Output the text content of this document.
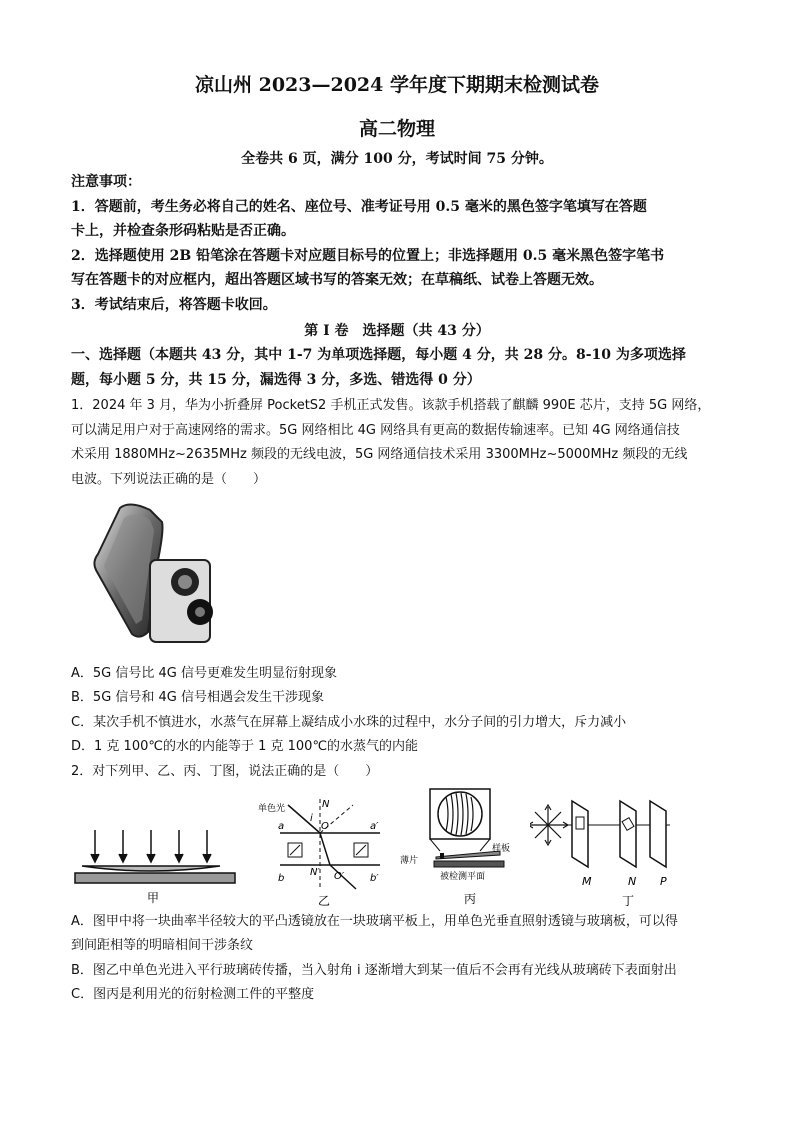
凉山州 2023—2024 学年度下期期末检测试卷
高二物理
全卷共 6 页，满分 100 分，考试时间 75 分钟。
注意事项：
1．答题前，考生务必将自己的姓名、座位号、准考证号用 0.5 毫米的黑色签字笔填写在答题
卡上，并检查条形码粘贴是否正确。
2．选择题使用 2B 铅笔涂在答题卡对应题目标号的位置上；非选择题用 0.5 毫米黑色签字笔书
写在答题卡的对应框内，超出答题区域书写的答案无效；在草稿纸、试卷上答题无效。
3．考试结束后，将答题卡收回。
第 Ⅰ 卷　选择题（共 43 分）
一、选择题（本题共 43 分，其中 1-7 为单项选择题，每小题 4 分，共 28 分。8-10 为多项选择
题，每小题 5 分，共 15 分，漏选得 3 分，多选、错选得 0 分）
1．2024 年 3 月，华为小折叠屏 PocketS2 手机正式发售。该款手机搭载了麒麟 990E 芯片，支持 5G 网络，
可以满足用户对于高速网络的需求。5G 网络相比 4G 网络具有更高的数据传输速率。已知 4G 网络通信技
术采用 1880MHz~2635MHz 频段的无线电波，5G 网络通信技术采用 3300MHz~5000MHz 频段的无线
电波。下列说法正确的是（　　）
A．5G 信号比 4G 信号更难发生明显衍射现象
B．5G 信号和 4G 信号相遇会发生干涉现象
C．某次手机不慎进水，水蒸气在屏幕上凝结成小水珠的过程中，水分子间的引力增大，斥力减小
D．1 克 100℃的水的内能等于 1 克 100℃的水蒸气的内能
2．对下列甲、乙、丙、丁图，说法正确的是（　　）
甲
单色光
i
N
O
a	a′
b	b′
O′
N′
乙
薄片
样板
被检测平面
丙
M	N P
丁
A．图甲中将一块曲率半径较大的平凸透镜放在一块玻璃平板上，用单色光垂直照射透镜与玻璃板，可以得
到间距相等的明暗相间干涉条纹
B．图乙中单色光进入平行玻璃砖传播，当入射角 i 逐渐增大到某一值后不会再有光线从玻璃砖下表面射出
C．图丙是利用光的衍射检测工件的平整度
